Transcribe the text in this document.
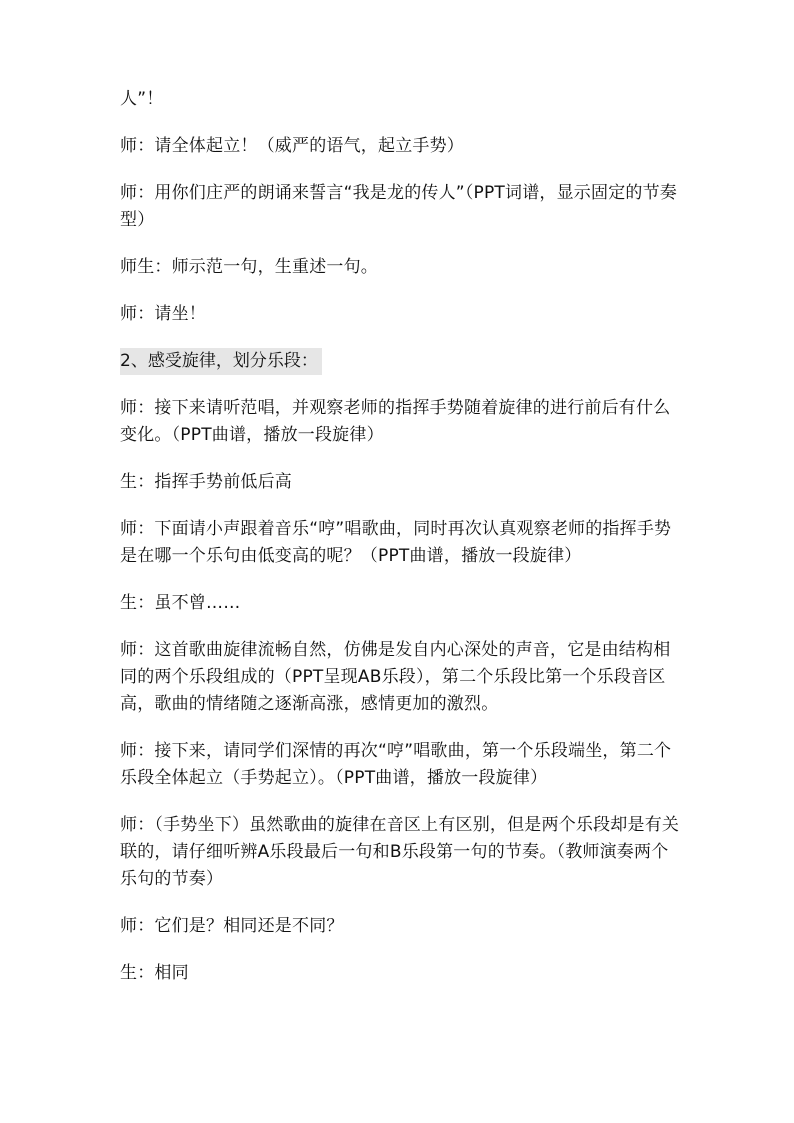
人”！

师：请全体起立！（威严的语气，起立手势）

师：用你们庄严的朗诵来誓言“我是龙的传人”（PPT词谱，显示固定的节奏型）

师生：师示范一句，生重述一句。

师：请坐！

2、感受旋律，划分乐段：

师：接下来请听范唱，并观察老师的指挥手势随着旋律的进行前后有什么变化。（PPT曲谱，播放一段旋律）

生：指挥手势前低后高

师：下面请小声跟着音乐“哼”唱歌曲，同时再次认真观察老师的指挥手势是在哪一个乐句由低变高的呢？（PPT曲谱，播放一段旋律）

生：虽不曾……

师：这首歌曲旋律流畅自然，仿佛是发自内心深处的声音，它是由结构相同的两个乐段组成的（PPT呈现AB乐段），第二个乐段比第一个乐段音区高，歌曲的情绪随之逐渐高涨，感情更加的激烈。

师：接下来，请同学们深情的再次“哼”唱歌曲，第一个乐段端坐，第二个乐段全体起立（手势起立）。（PPT曲谱，播放一段旋律）

师：（手势坐下）虽然歌曲的旋律在音区上有区别，但是两个乐段却是有关联的，请仔细听辨A乐段最后一句和B乐段第一句的节奏。（教师演奏两个乐句的节奏）

师：它们是？相同还是不同？

生：相同
